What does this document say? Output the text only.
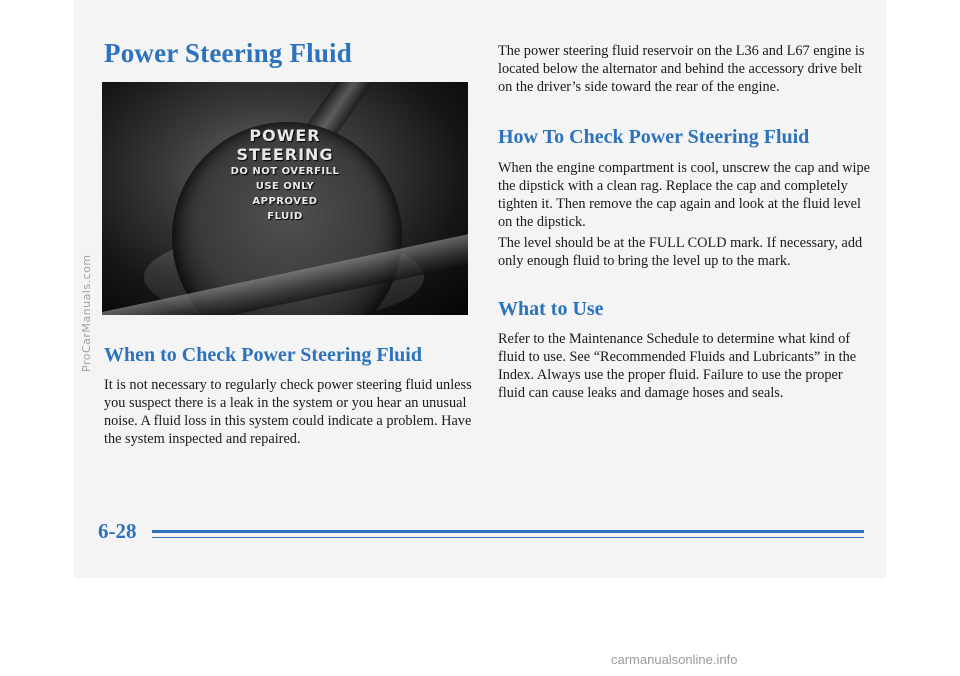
Power Steering Fluid
POWER
STEERING
DO NOT OVERFILL
USE ONLY
APPROVED
FLUID
When to Check Power Steering Fluid

It is not necessary to regularly check power steering fluid unless you suspect there is a leak in the system or you hear an unusual noise. A fluid loss in this system could indicate a problem. Have the system inspected and repaired.

The power steering fluid reservoir on the L36 and L67 engine is located below the alternator and behind the accessory drive belt on the driver’s side toward the rear of the engine.

How To Check Power Steering Fluid

When the engine compartment is cool, unscrew the cap and wipe the dipstick with a clean rag. Replace the cap and completely tighten it. Then remove the cap again and look at the fluid level on the dipstick.

The level should be at the FULL COLD mark. If necessary, add only enough fluid to bring the level up to the mark.

What to Use

Refer to the Maintenance Schedule to determine what kind of fluid to use. See “Recommended Fluids and Lubricants” in the Index. Always use the proper fluid. Failure to use the proper fluid can cause leaks and damage hoses and seals.

ProCarManuals.com
6-28
carmanualsonline.info
